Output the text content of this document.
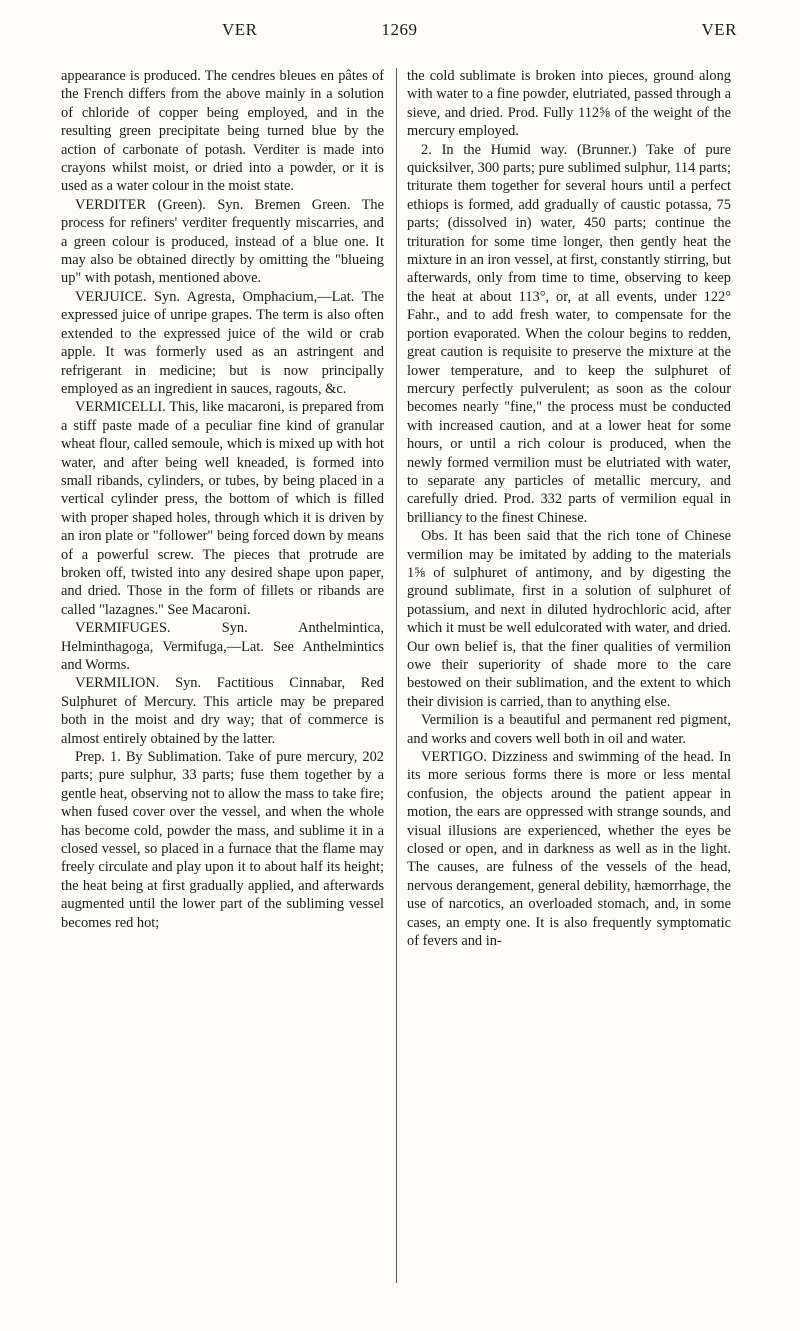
VER	1269	VER

appearance is produced. The cendres bleues en pâtes of the French differs from the above mainly in a solution of chloride of copper being employed, and in the resulting green precipitate being turned blue by the action of carbonate of potash. Verditer is made into crayons whilst moist, or dried into a powder, or it is used as a water colour in the moist state.

VERDITER (Green). Syn. Bremen Green. The process for refiners' verditer frequently miscarries, and a green colour is produced, instead of a blue one. It may also be obtained directly by omitting the "blueing up" with potash, mentioned above.

VERJUICE. Syn. Agresta, Omphacium,—Lat. The expressed juice of unripe grapes. The term is also often extended to the expressed juice of the wild or crab apple. It was formerly used as an astringent and refrigerant in medicine; but is now principally employed as an ingredient in sauces, ragouts, &c.

VERMICELLI. This, like macaroni, is prepared from a stiff paste made of a peculiar fine kind of granular wheat flour, called semoule, which is mixed up with hot water, and after being well kneaded, is formed into small ribands, cylinders, or tubes, by being placed in a vertical cylinder press, the bottom of which is filled with proper shaped holes, through which it is driven by an iron plate or "follower" being forced down by means of a powerful screw. The pieces that protrude are broken off, twisted into any desired shape upon paper, and dried. Those in the form of fillets or ribands are called "lazagnes." See Macaroni.

VERMIFUGES. Syn. Anthelmintica, Helminthagoga, Vermifuga,—Lat. See Anthelmintics and Worms.

VERMILION. Syn. Factitious Cinnabar, Red Sulphuret of Mercury. This article may be prepared both in the moist and dry way; that of commerce is almost entirely obtained by the latter.

Prep. 1. By Sublimation. Take of pure mercury, 202 parts; pure sulphur, 33 parts; fuse them together by a gentle heat, observing not to allow the mass to take fire; when fused cover over the vessel, and when the whole has become cold, powder the mass, and sublime it in a closed vessel, so placed in a furnace that the flame may freely circulate and play upon it to about half its height; the heat being at first gradually applied, and afterwards augmented until the lower part of the subliming vessel becomes red hot;

the cold sublimate is broken into pieces, ground along with water to a fine powder, elutriated, passed through a sieve, and dried. Prod. Fully 112⅝ of the weight of the mercury employed.

2. In the Humid way. (Brunner.) Take of pure quicksilver, 300 parts; pure sublimed sulphur, 114 parts; triturate them together for several hours until a perfect ethiops is formed, add gradually of caustic potassa, 75 parts; (dissolved in) water, 450 parts; continue the trituration for some time longer, then gently heat the mixture in an iron vessel, at first, constantly stirring, but afterwards, only from time to time, observing to keep the heat at about 113°, or, at all events, under 122° Fahr., and to add fresh water, to compensate for the portion evaporated. When the colour begins to redden, great caution is requisite to preserve the mixture at the lower temperature, and to keep the sulphuret of mercury perfectly pulverulent; as soon as the colour becomes nearly "fine," the process must be conducted with increased caution, and at a lower heat for some hours, or until a rich colour is produced, when the newly formed vermilion must be elutriated with water, to separate any particles of metallic mercury, and carefully dried. Prod. 332 parts of vermilion equal in brilliancy to the finest Chinese.

Obs. It has been said that the rich tone of Chinese vermilion may be imitated by adding to the materials 1⅝ of sulphuret of antimony, and by digesting the ground sublimate, first in a solution of sulphuret of potassium, and next in diluted hydrochloric acid, after which it must be well edulcorated with water, and dried. Our own belief is, that the finer qualities of vermilion owe their superiority of shade more to the care bestowed on their sublimation, and the extent to which their division is carried, than to anything else.

Vermilion is a beautiful and permanent red pigment, and works and covers well both in oil and water.

VERTIGO. Dizziness and swimming of the head. In its more serious forms there is more or less mental confusion, the objects around the patient appear in motion, the ears are oppressed with strange sounds, and visual illusions are experienced, whether the eyes be closed or open, and in darkness as well as in the light. The causes, are fulness of the vessels of the head, nervous derangement, general debility, hæmorrhage, the use of narcotics, an overloaded stomach, and, in some cases, an empty one. It is also frequently symptomatic of fevers and in-
